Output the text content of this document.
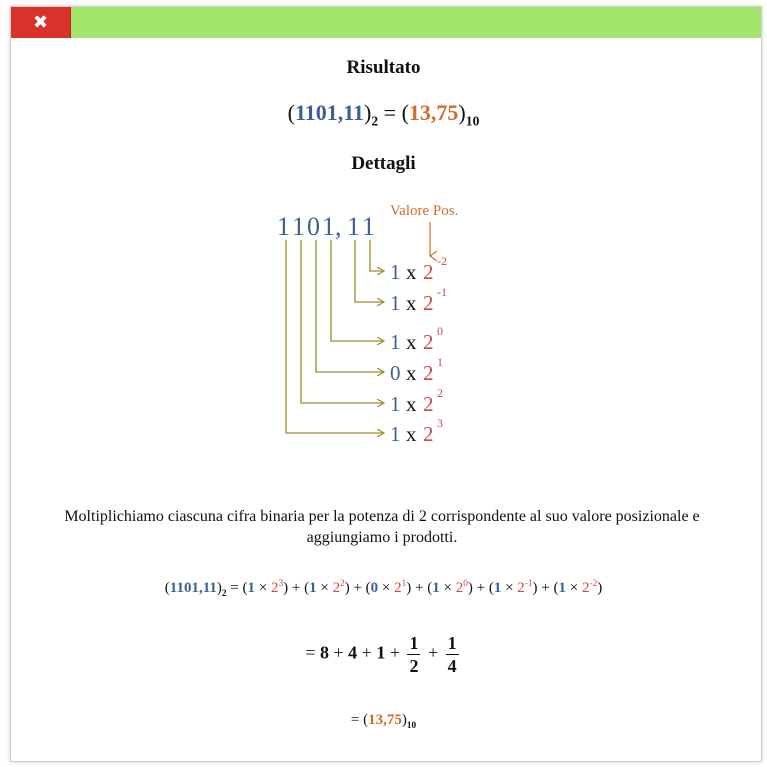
✖
Risultato
$(1101,11)_2 = (13,75)_{10}$
Dettagli
1 1 0 1 , 1 1
Valore Pos.
1 x 2 -2
1 x 2 -1
1 x 2 0
0 x 2 1
1 x 2 2
1 x 2 3
Moltiplichiamo ciascuna cifra binaria per la potenza di 2 corrispondente al suo valore posizionale e aggiungiamo i prodotti.
$(1101,11)_2 = (1 \times 2^3) + (1 \times 2^2) + (0 \times 2^1) + (1 \times 2^0) + (1 \times 2^{-1}) + (1 \times 2^{-2})$
= $8 + 4 + 1 + \frac{1}{2} + \frac{1}{4}$
= $(13,75)_{10}$
